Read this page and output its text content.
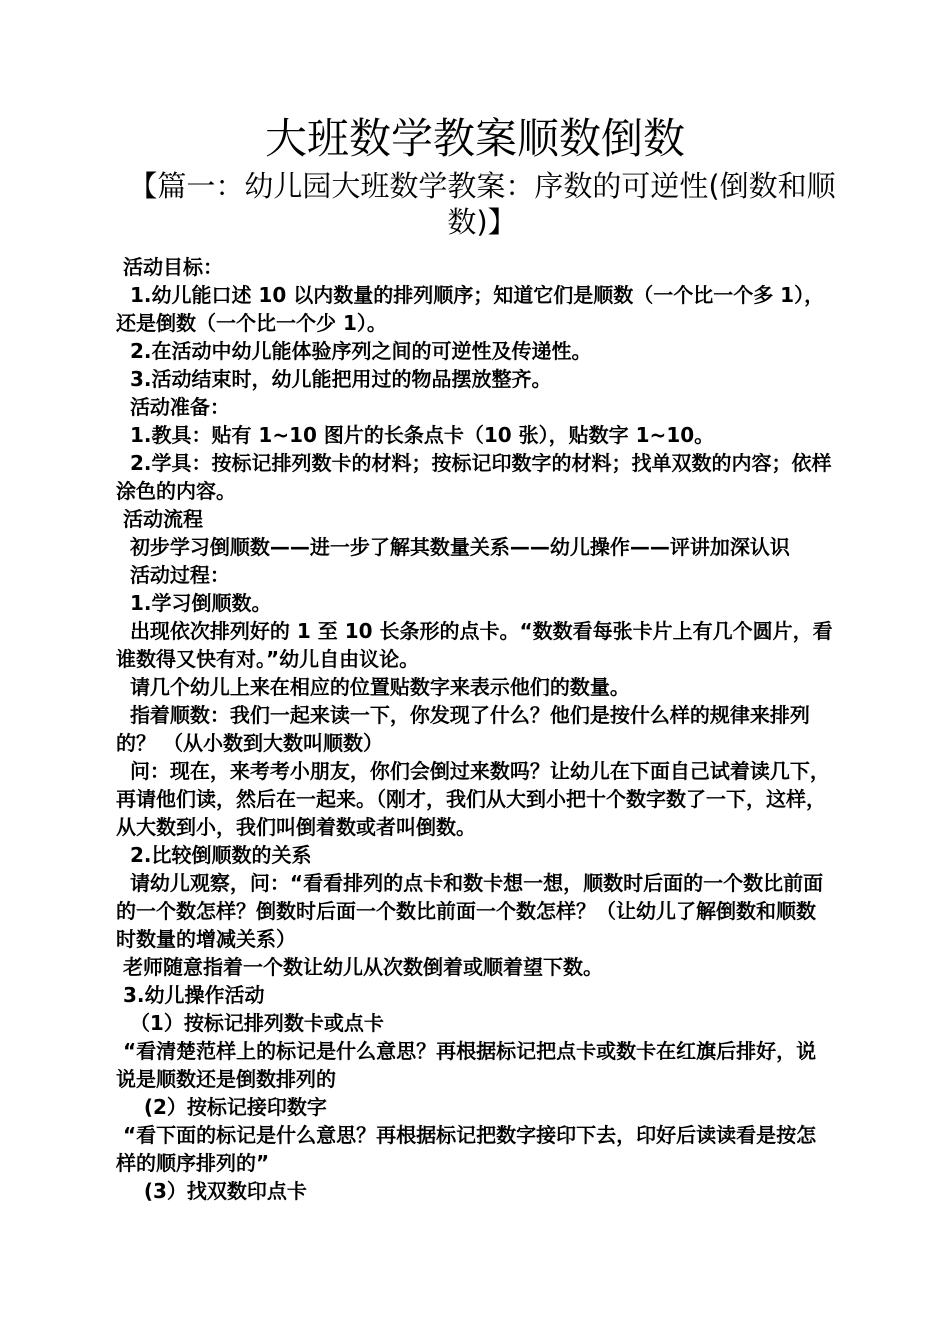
大班数学教案顺数倒数
【篇一：幼儿园大班数学教案：序数的可逆性(倒数和顺数)】

活动目标：

1.幼儿能口述 10 以内数量的排列顺序；知道它们是顺数（一个比一个多 1），还是倒数（一个比一个少 1）。

2.在活动中幼儿能体验序列之间的可逆性及传递性。

3.活动结束时，幼儿能把用过的物品摆放整齐。

活动准备：

1.教具：贴有 1~10 图片的长条点卡（10 张），贴数字 1~10。

2.学具：按标记排列数卡的材料；按标记印数字的材料；找单双数的内容；依样涂色的内容。

活动流程

初步学习倒顺数——进一步了解其数量关系——幼儿操作——评讲加深认识

活动过程：

1.学习倒顺数。

出现依次排列好的 1 至 10 长条形的点卡。“数数看每张卡片上有几个圆片，看谁数得又快有对。”幼儿自由议论。

请几个幼儿上来在相应的位置贴数字来表示他们的数量。

指着顺数：我们一起来读一下，你发现了什么？他们是按什么样的规律来排列的？ （从小数到大数叫顺数）

问：现在，来考考小朋友，你们会倒过来数吗？让幼儿在下面自己试着读几下，再请他们读，然后在一起来。（刚才，我们从大到小把十个数字数了一下，这样，从大数到小，我们叫倒着数或者叫倒数。

2.比较倒顺数的关系

请幼儿观察，问：“看看排列的点卡和数卡想一想，顺数时后面的一个数比前面的一个数怎样？倒数时后面一个数比前面一个数怎样？（让幼儿了解倒数和顺数时数量的增减关系）

老师随意指着一个数让幼儿从次数倒着或顺着望下数。

3.幼儿操作活动

（1）按标记排列数卡或点卡

“看清楚范样上的标记是什么意思？再根据标记把点卡或数卡在红旗后排好，说说是顺数还是倒数排列的

(2）按标记接印数字

“看下面的标记是什么意思？再根据标记把数字接印下去，印好后读读看是按怎样的顺序排列的”

(3）找双数印点卡
